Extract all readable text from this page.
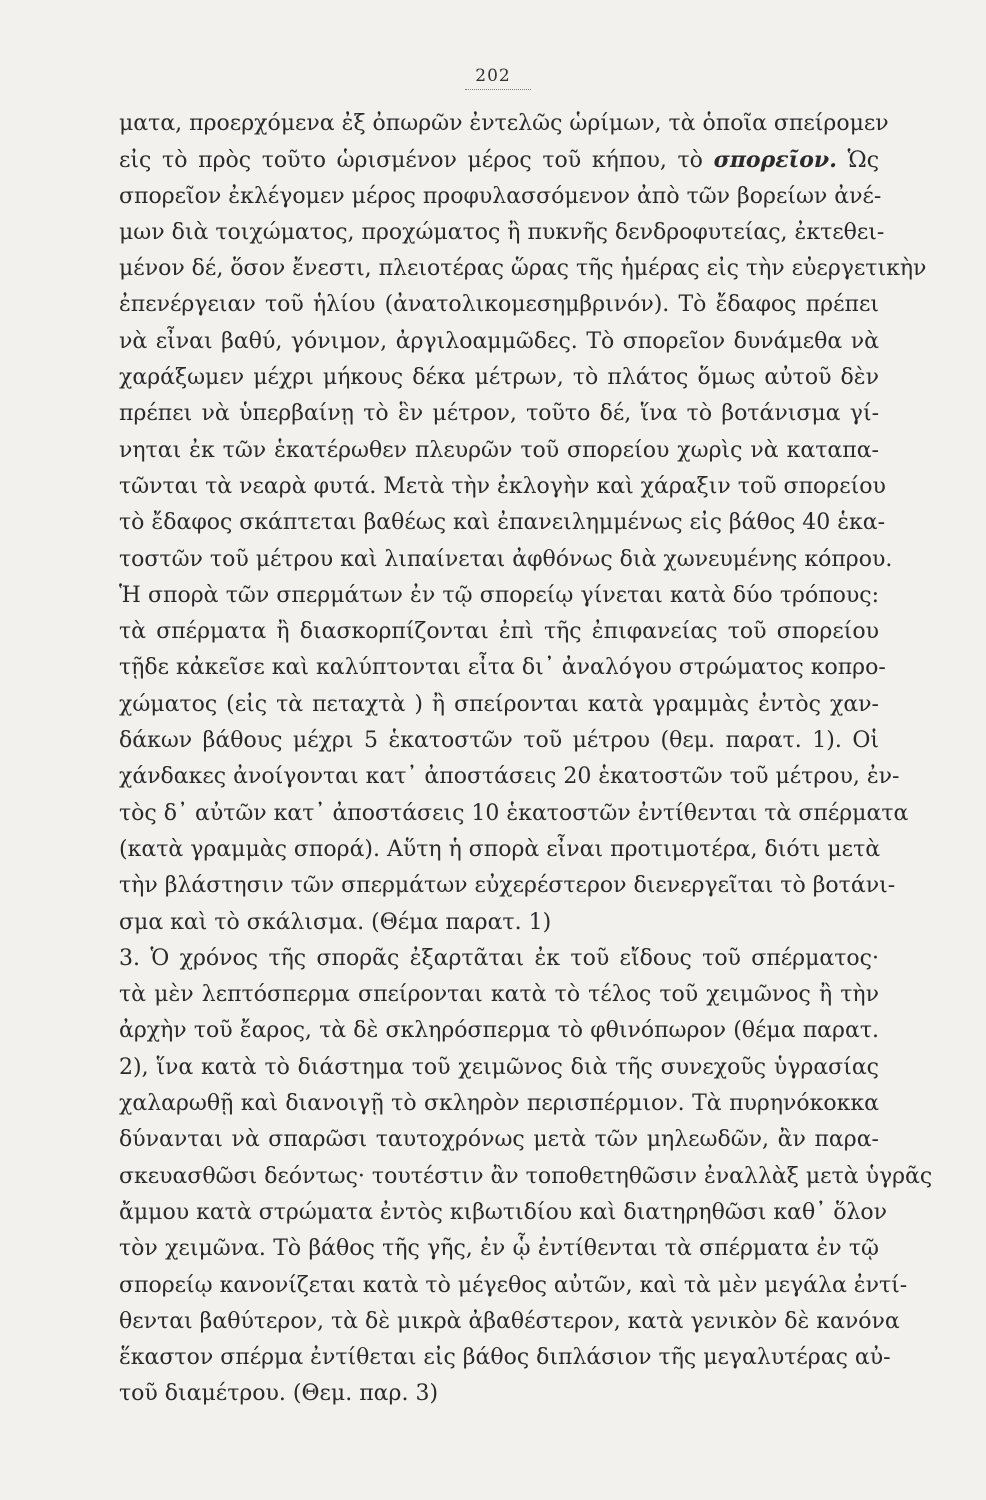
202
ματα, προερχόμενα ἐξ ὀπωρῶν ἐντελῶς ὡρίμων, τὰ ὁποῖα σπείρομεν
εἰς τὸ πρὸς τοῦτο ὡρισμένον μέρος τοῦ κήπου, τὸ σπορεῖον. Ὡς
σπορεῖον ἐκλέγομεν μέρος προφυλασσόμενον ἀπὸ τῶν βορείων ἀνέ-
μων διὰ τοιχώματος, προχώματος ἢ πυκνῆς δενδροφυτείας, ἐκτεθει-
μένον δέ, ὅσον ἔνεστι, πλειοτέρας ὥρας τῆς ἡμέρας εἰς τὴν εὐεργετικὴν
ἐπενέργειαν τοῦ ἡλίου (ἀνατολικομεσημβρινόν). Τὸ ἔδαφος πρέπει
νὰ εἶναι βαθύ, γόνιμον, ἀργιλοαμμῶδες. Τὸ σπορεῖον δυνάμεθα νὰ
χαράξωμεν μέχρι μήκους δέκα μέτρων, τὸ πλάτος ὅμως αὐτοῦ δὲν
πρέπει νὰ ὑπερβαίνῃ τὸ ἓν μέτρον, τοῦτο δέ, ἵνα τὸ βοτάνισμα γί-
νηται ἐκ τῶν ἑκατέρωθεν πλευρῶν τοῦ σπορείου χωρὶς νὰ καταπα-
τῶνται τὰ νεαρὰ φυτά. Μετὰ τὴν ἐκλογὴν καὶ χάραξιν τοῦ σπορείου
τὸ ἔδαφος σκάπτεται βαθέως καὶ ἐπανειλημμένως εἰς βάθος 40 ἑκα-
τοστῶν τοῦ μέτρου καὶ λιπαίνεται ἀφθόνως διὰ χωνευμένης κόπρου.
Ἡ σπορὰ τῶν σπερμάτων ἐν τῷ σπορείῳ γίνεται κατὰ δύο τρόπους:
τὰ σπέρματα ἢ διασκορπίζονται ἐπὶ τῆς ἐπιφανείας τοῦ σπορείου
τῇδε κἀκεῖσε καὶ καλύπτονται εἶτα δι᾽ ἀναλόγου στρώματος κοπρο-
χώματος (εἰς τὰ πεταχτὰ ) ἢ σπείρονται κατὰ γραμμὰς ἐντὸς χαν-
δάκων βάθους μέχρι 5 ἑκατοστῶν τοῦ μέτρου (θεμ. παρατ. 1). Οἱ
χάνδακες ἀνοίγονται κατ᾽ ἀποστάσεις 20 ἑκατοστῶν τοῦ μέτρου, ἐν-
τὸς δ᾽ αὐτῶν κατ᾽ ἀποστάσεις 10 ἑκατοστῶν ἐντίθενται τὰ σπέρματα
(κατὰ γραμμὰς σπορά). Αὕτη ἡ σπορὰ εἶναι προτιμοτέρα, διότι μετὰ
τὴν βλάστησιν τῶν σπερμάτων εὐχερέστερον διενεργεῖται τὸ βοτάνι-
σμα καὶ τὸ σκάλισμα. (Θέμα παρατ. 1)
3. Ὁ χρόνος τῆς σπορᾶς ἐξαρτᾶται ἐκ τοῦ εἴδους τοῦ σπέρματος·
τὰ μὲν λεπτόσπερμα σπείρονται κατὰ τὸ τέλος τοῦ χειμῶνος ἢ τὴν
ἀρχὴν τοῦ ἔαρος, τὰ δὲ σκληρόσπερμα τὸ φθινόπωρον (θέμα παρατ.
2), ἵνα κατὰ τὸ διάστημα τοῦ χειμῶνος διὰ τῆς συνεχοῦς ὑγρασίας
χαλαρωθῇ καὶ διανοιγῇ τὸ σκληρὸν περισπέρμιον. Τὰ πυρηνόκοκκα
δύνανται νὰ σπαρῶσι ταυτοχρόνως μετὰ τῶν μηλεωδῶν, ἂν παρα-
σκευασθῶσι δεόντως· τουτέστιν ἂν τοποθετηθῶσιν ἐναλλὰξ μετὰ ὑγρᾶς
ἄμμου κατὰ στρώματα ἐντὸς κιβωτιδίου καὶ διατηρηθῶσι καθ᾽ ὅλον
τὸν χειμῶνα. Τὸ βάθος τῆς γῆς, ἐν ᾧ ἐντίθενται τὰ σπέρματα ἐν τῷ
σπορείῳ κανονίζεται κατὰ τὸ μέγεθος αὐτῶν, καὶ τὰ μὲν μεγάλα ἐντί-
θενται βαθύτερον, τὰ δὲ μικρὰ ἀβαθέστερον, κατὰ γενικὸν δὲ κανόνα
ἕκαστον σπέρμα ἐντίθεται εἰς βάθος διπλάσιον τῆς μεγαλυτέρας αὐ-
τοῦ διαμέτρου. (Θεμ. παρ. 3)
